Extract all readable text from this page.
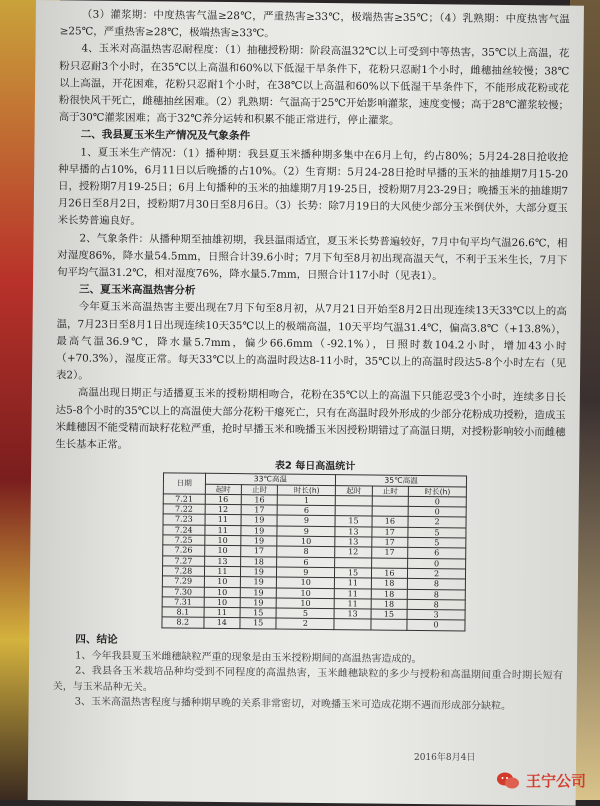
（3）灌浆期：中度热害气温≥28℃，严重热害≥33℃，极端热害≥35℃；（4）乳熟期：中度热害气温≥25℃，严重热害≥28℃，极端热害≥33℃。

4、玉米对高温热害忍耐程度：（1）抽穗授粉期：阶段高温32℃以上可受到中等热害，35℃以上高温，花粉只忍耐3个小时，在35℃以上高温和60%以下低湿干旱条件下，花粉只忍耐1个小时，雌穗抽丝较慢；38℃以上高温，开花困难，花粉只忍耐1个小时，在38℃以上高温和60%以下低湿干旱条件下，不能形成花粉或花粉很快风干死亡，雌穗抽丝困难。（2）乳熟期：气温高于25℃开始影响灌浆，速度变慢；高于28℃灌浆较慢；高于30℃灌浆困难；高于32℃养分运转和积累不能正常进行，停止灌浆。

二、我县夏玉米生产情况及气象条件

1、夏玉米生产情况：（1）播种期：我县夏玉米播种期多集中在6月上旬，约占80%；5月24-28日抢收抢种早播的占10%，6月11日以后晚播的占10%。（2）生育期：5月24-28日抢时早播的玉米的抽雄期7月15-20日，授粉期7月19-25日；6月上旬播种的玉米的抽雄期7月19-25日，授粉期7月23-29日；晚播玉米的抽雄期7月26日至8月2日，授粉期7月30日至8月6日。（3）长势：除7月19日的大风使少部分玉米倒伏外，大部分夏玉米长势普遍良好。

2、气象条件：从播种期至抽雄初期，我县温雨适宜，夏玉米长势普遍较好，7月中旬平均气温26.6℃，相对湿度86%，降水量54.5mm，日照合计39.6小时；7月下旬至8月初出现高温天气，不利于玉米生长，7月下旬平均气温31.2℃，相对湿度76%，降水量5.7mm，日照合计117小时（见表1）。

三、夏玉米高温热害分析

今年夏玉米高温热害主要出现在7月下旬至8月初，从7月21日开始至8月2日出现连续13天33℃以上的高温，7月23日至8月1日出现连续10天35℃以上的极端高温，10天平均气温31.4℃，偏高3.8℃（+13.8%），最高气温36.9℃，降水量5.7mm，偏少66.6mm（-92.1%），日照时数104.2小时，增加43小时（+70.3%），湿度正常。每天33℃以上的高温时段达8-11小时，35℃以上的高温时段达5-8个小时左右（见表2）。

高温出现日期正与适播夏玉米的授粉期相吻合，花粉在35℃以上的高温下只能忍受3个小时，连续多日长达5-8个小时的35℃以上的高温使大部分花粉干瘪死亡，只有在高温时段外形成的少部分花粉成功授粉，造成玉米雌穗因不能受精而缺籽花粒严重，抢时早播玉米和晚播玉米因授粉期错过了高温日期，对授粉影响较小而雌穗生长基本正常。

表2 每日高温统计
日期	33℃高温			35℃高温		
	起时	止时	时长(h)	起时	止时	时长(h)
7.21	16	16	1			0
7.22	12	17	6			0
7.23	11	19	9	15	16	2
7.24	11	19	9	13	17	5
7.25	10	19	10	13	17	5
7.26	10	17	8	12	17	6
7.27	13	18	6			0
7.28	11	19	9	15	16	2
7.29	10	19	10	11	18	8
7.30	10	19	10	11	18	8
7.31	10	19	10	11	18	8
8.1	11	15	5	13	15	3
8.2	14	15	2			0

四、结论

1、今年我县夏玉米雌穗缺粒严重的现象是由玉米授粉期间的高温热害造成的。

2、我县各玉米栽培品种均受到不同程度的高温热害，玉米雌穗缺粒的多少与授粉和高温期间重合时期长短有关，与玉米品种无关。

3、玉米高温热害程度与播种期早晚的关系非常密切，对晚播玉米可造成花期不遇而形成部分缺粒。

2016年8月4日
王宁公司
